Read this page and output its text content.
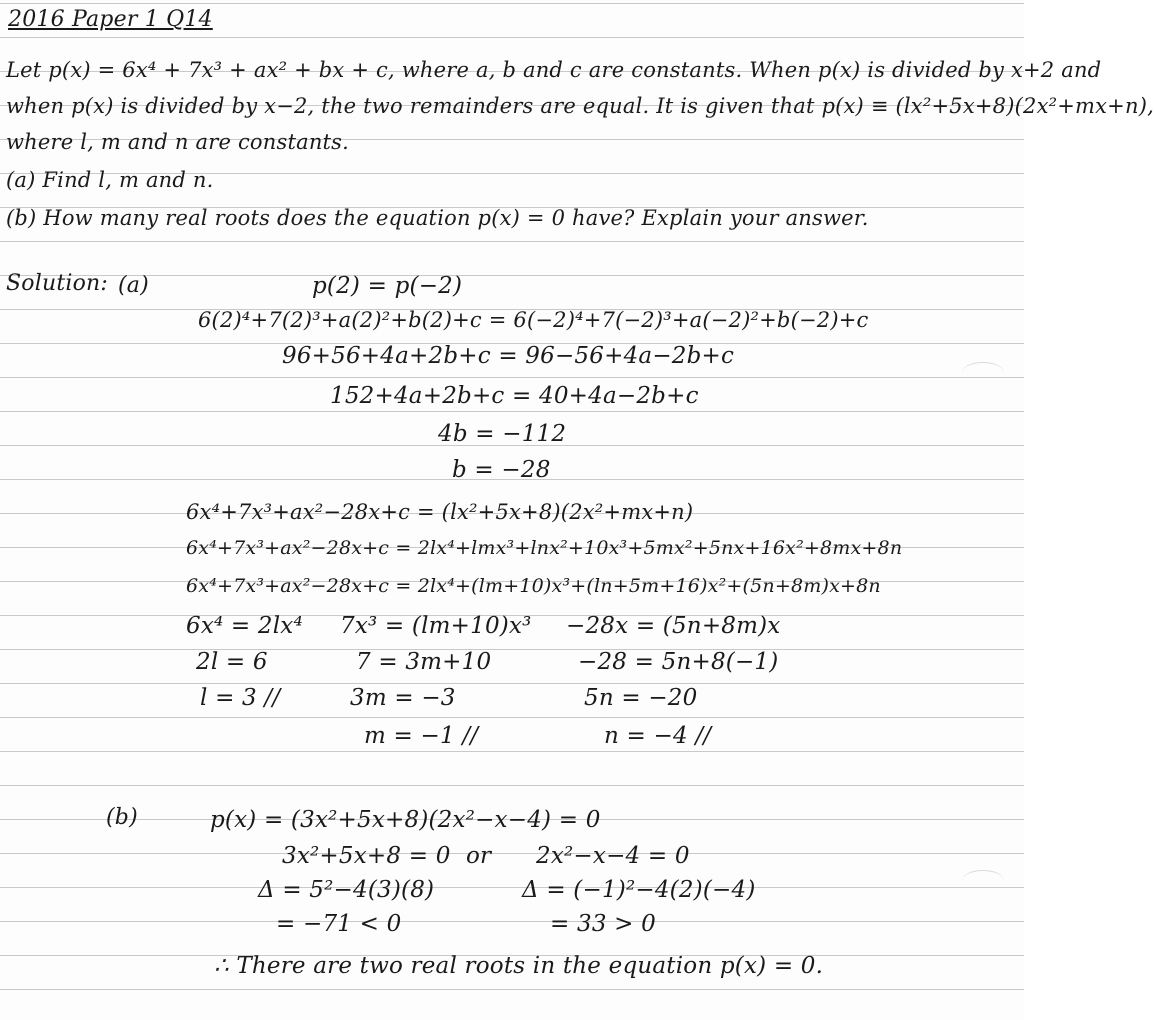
2016 Paper 1 Q14
Let p(x) = 6x⁴ + 7x³ + ax² + bx + c, where a, b and c are constants. When p(x) is divided by x+2 and
when p(x) is divided by x−2, the two remainders are equal. It is given that p(x) ≡ (lx²+5x+8)(2x²+mx+n),
where l, m and n are constants.
(a) Find l, m and n.
(b) How many real roots does the equation p(x) = 0 have? Explain your answer.
Solution: (a)	p(2) = p(−2)
6(2)⁴+7(2)³+a(2)²+b(2)+c = 6(−2)⁴+7(−2)³+a(−2)²+b(−2)+c
96+56+4a+2b+c = 96−56+4a−2b+c
152+4a+2b+c = 40+4a−2b+c
4b = −112
b = −28
6x⁴+7x³+ax²−28x+c = (lx²+5x+8)(2x²+mx+n)
6x⁴+7x³+ax²−28x+c = 2lx⁴+lmx³+lnx²+10x³+5mx²+5nx+16x²+8mx+8n
6x⁴+7x³+ax²−28x+c = 2lx⁴+(lm+10)x³+(ln+5m+16)x²+(5n+8m)x+8n
6x⁴ = 2lx⁴
2l = 6
l = 3 //
7x³ = (lm+10)x³
7 = 3m+10
3m = −3
m = −1 //
−28x = (5n+8m)x
−28 = 5n+8(−1)
5n = −20
n = −4 //
(b)	p(x) = (3x²+5x+8)(2x²−x−4) = 0
3x²+5x+8 = 0
Δ = 5²−4(3)(8)
= −71 < 0
or 2x²−x−4 = 0
Δ = (−1)²−4(2)(−4)
= 33 > 0
∴ There are two real roots in the equation p(x) = 0.
